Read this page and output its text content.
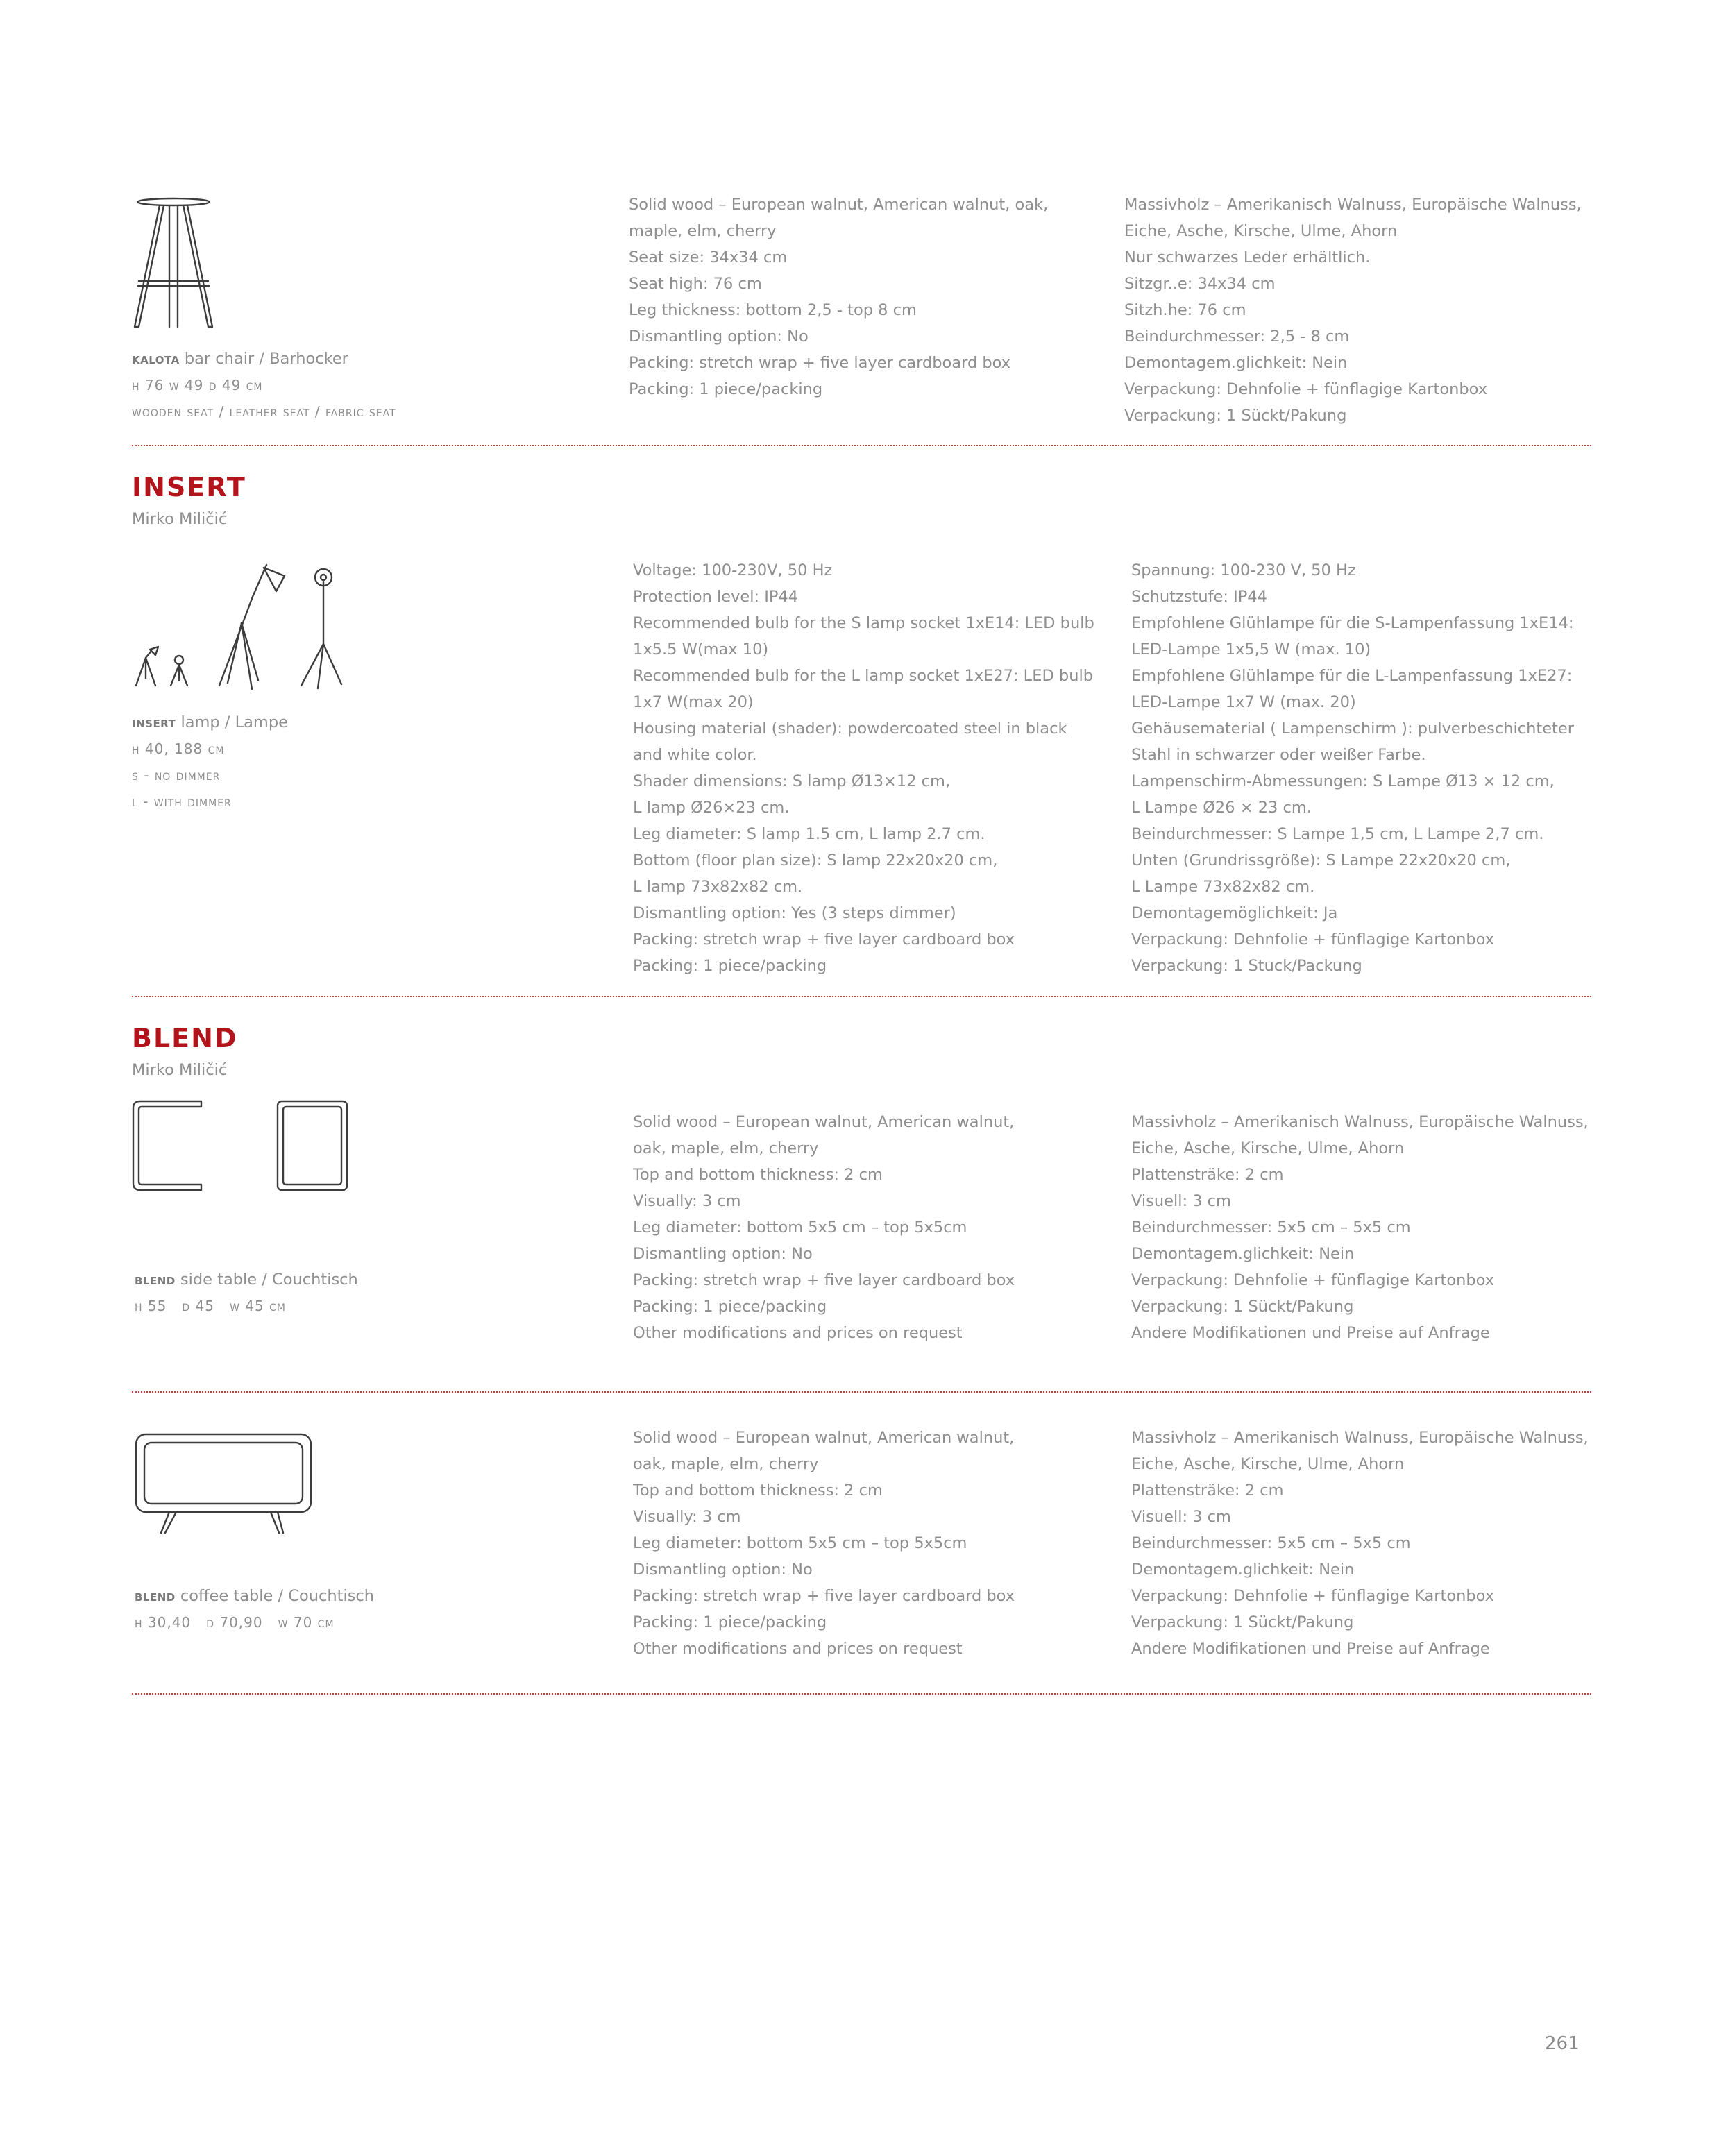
kalota bar chair / Barhocker
h 76 w 49 d 49 cm
wooden seat / leather seat / fabric seat
Solid wood – European walnut, American walnut, oak,
maple, elm, cherry
Seat size: 34x34 cm
Seat high: 76 cm
Leg thickness: bottom 2,5 - top 8 cm
Dismantling option: No
Packing: stretch wrap + five layer cardboard box
Packing: 1 piece/packing
Massivholz – Amerikanisch Walnuss, Europäische Walnuss,
Eiche, Asche, Kirsche, Ulme, Ahorn
Nur schwarzes Leder erhältlich.
Sitzgr..e: 34x34 cm
Sitzh.he: 76 cm
Beindurchmesser: 2,5 - 8 cm
Demontagem.glichkeit: Nein
Verpackung: Dehnfolie + fünflagige Kartonbox
Verpackung: 1 Sückt/Pakung
INSERT
Mirko Miličić
insert lamp / Lampe
h 40, 188 cm
s - no dimmer
l - with dimmer
Voltage: 100-230V, 50 Hz
Protection level: IP44
Recommended bulb for the S lamp socket 1xE14: LED bulb
1x5.5 W(max 10)
Recommended bulb for the L lamp socket 1xE27: LED bulb
1x7 W(max 20)
Housing material (shader): powdercoated steel in black
and white color.
Shader dimensions: S lamp Ø13×12 cm,
L lamp Ø26×23 cm.
Leg diameter: S lamp 1.5 cm, L lamp 2.7 cm.
Bottom (floor plan size): S lamp 22x20x20 cm,
L lamp 73x82x82 cm.
Dismantling option: Yes (3 steps dimmer)
Packing: stretch wrap + five layer cardboard box
Packing: 1 piece/packing
Spannung: 100-230 V, 50 Hz
Schutzstufe: IP44
Empfohlene Glühlampe für die S-Lampenfassung 1xE14:
LED-Lampe 1x5,5 W (max. 10)
Empfohlene Glühlampe für die L-Lampenfassung 1xE27:
LED-Lampe 1x7 W (max. 20)
Gehäusematerial ( Lampenschirm ): pulverbeschichteter
Stahl in schwarzer oder weißer Farbe.
Lampenschirm-Abmessungen: S Lampe Ø13 × 12 cm,
L Lampe Ø26 × 23 cm.
Beindurchmesser: S Lampe 1,5 cm, L Lampe 2,7 cm.
Unten (Grundrissgröße): S Lampe 22x20x20 cm,
L Lampe 73x82x82 cm.
Demontagemöglichkeit: Ja
Verpackung: Dehnfolie + fünflagige Kartonbox
Verpackung: 1 Stuck/Packung
BLEND
Mirko Miličić
blend side table / Couchtisch
h 55   d 45   w 45 cm
Solid wood – European walnut, American walnut,
oak, maple, elm, cherry
Top and bottom thickness: 2 cm
Visually: 3 cm
Leg diameter: bottom 5x5 cm – top 5x5cm
Dismantling option: No
Packing: stretch wrap + five layer cardboard box
Packing: 1 piece/packing
Other modifications and prices on request
Massivholz – Amerikanisch Walnuss, Europäische Walnuss,
Eiche, Asche, Kirsche, Ulme, Ahorn
Plattensträke: 2 cm
Visuell: 3 cm
Beindurchmesser: 5x5 cm – 5x5 cm
Demontagem.glichkeit: Nein
Verpackung: Dehnfolie + fünflagige Kartonbox
Verpackung: 1 Sückt/Pakung
Andere Modifikationen und Preise auf Anfrage
blend coffee table / Couchtisch
h 30,40   d 70,90   w 70 cm
Solid wood – European walnut, American walnut,
oak, maple, elm, cherry
Top and bottom thickness: 2 cm
Visually: 3 cm
Leg diameter: bottom 5x5 cm – top 5x5cm
Dismantling option: No
Packing: stretch wrap + five layer cardboard box
Packing: 1 piece/packing
Other modifications and prices on request
Massivholz – Amerikanisch Walnuss, Europäische Walnuss,
Eiche, Asche, Kirsche, Ulme, Ahorn
Plattensträke: 2 cm
Visuell: 3 cm
Beindurchmesser: 5x5 cm – 5x5 cm
Demontagem.glichkeit: Nein
Verpackung: Dehnfolie + fünflagige Kartonbox
Verpackung: 1 Sückt/Pakung
Andere Modifikationen und Preise auf Anfrage
261
